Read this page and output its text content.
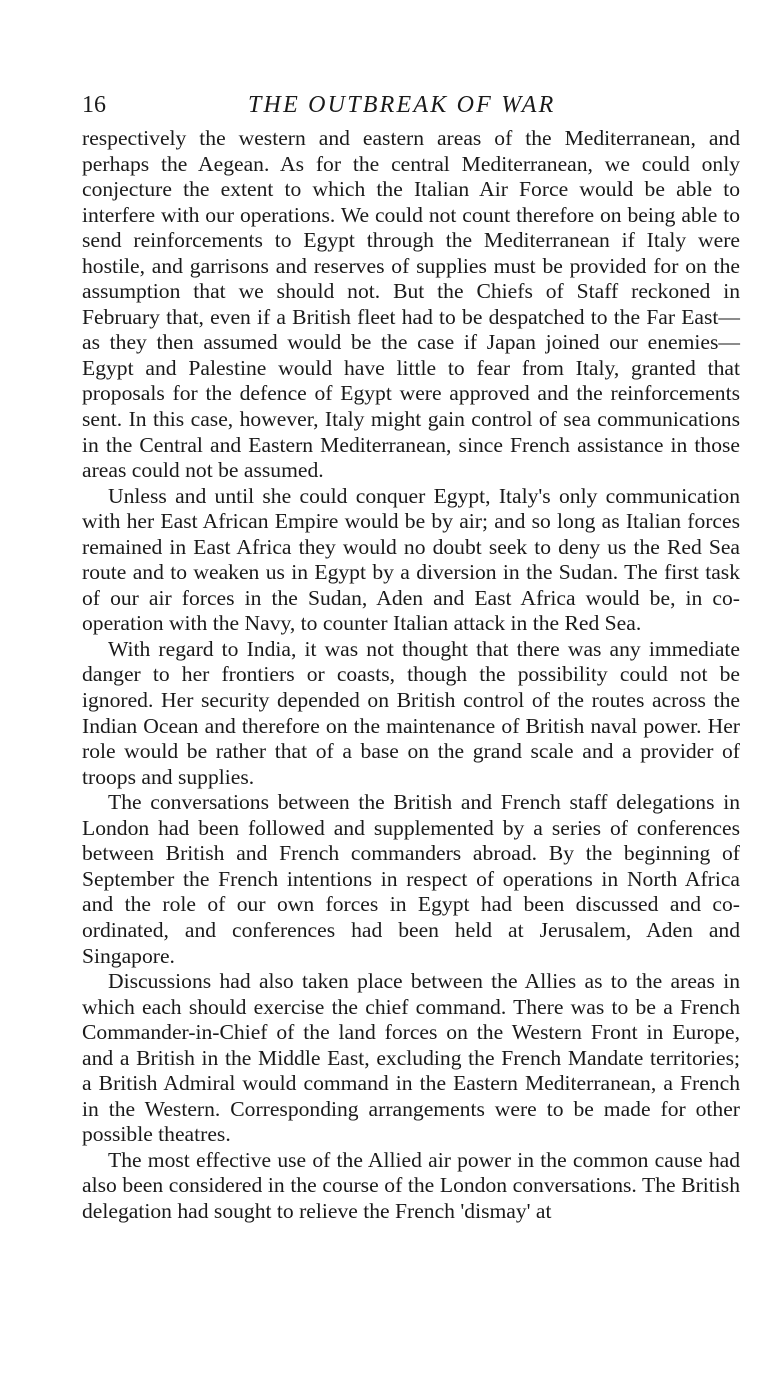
16	THE OUTBREAK OF WAR

respectively the western and eastern areas of the Mediterranean, and perhaps the Aegean. As for the central Mediterranean, we could only conjecture the extent to which the Italian Air Force would be able to interfere with our operations. We could not count therefore on being able to send reinforcements to Egypt through the Mediterranean if Italy were hostile, and garrisons and reserves of supplies must be provided for on the assumption that we should not. But the Chiefs of Staff reckoned in February that, even if a British fleet had to be despatched to the Far East—as they then assumed would be the case if Japan joined our enemies—Egypt and Palestine would have little to fear from Italy, granted that proposals for the defence of Egypt were approved and the reinforcements sent. In this case, however, Italy might gain control of sea communications in the Central and Eastern Mediterranean, since French assistance in those areas could not be assumed.

Unless and until she could conquer Egypt, Italy's only communication with her East African Empire would be by air; and so long as Italian forces remained in East Africa they would no doubt seek to deny us the Red Sea route and to weaken us in Egypt by a diversion in the Sudan. The first task of our air forces in the Sudan, Aden and East Africa would be, in co-operation with the Navy, to counter Italian attack in the Red Sea.

With regard to India, it was not thought that there was any immediate danger to her frontiers or coasts, though the possibility could not be ignored. Her security depended on British control of the routes across the Indian Ocean and therefore on the maintenance of British naval power. Her role would be rather that of a base on the grand scale and a provider of troops and supplies.

The conversations between the British and French staff delegations in London had been followed and supplemented by a series of conferences between British and French commanders abroad. By the beginning of September the French intentions in respect of operations in North Africa and the role of our own forces in Egypt had been discussed and co-ordinated, and conferences had been held at Jerusalem, Aden and Singapore.

Discussions had also taken place between the Allies as to the areas in which each should exercise the chief command. There was to be a French Commander-in-Chief of the land forces on the Western Front in Europe, and a British in the Middle East, excluding the French Mandate territories; a British Admiral would command in the Eastern Mediterranean, a French in the Western. Corresponding arrangements were to be made for other possible theatres.

The most effective use of the Allied air power in the common cause had also been considered in the course of the London conversations. The British delegation had sought to relieve the French 'dismay' at
